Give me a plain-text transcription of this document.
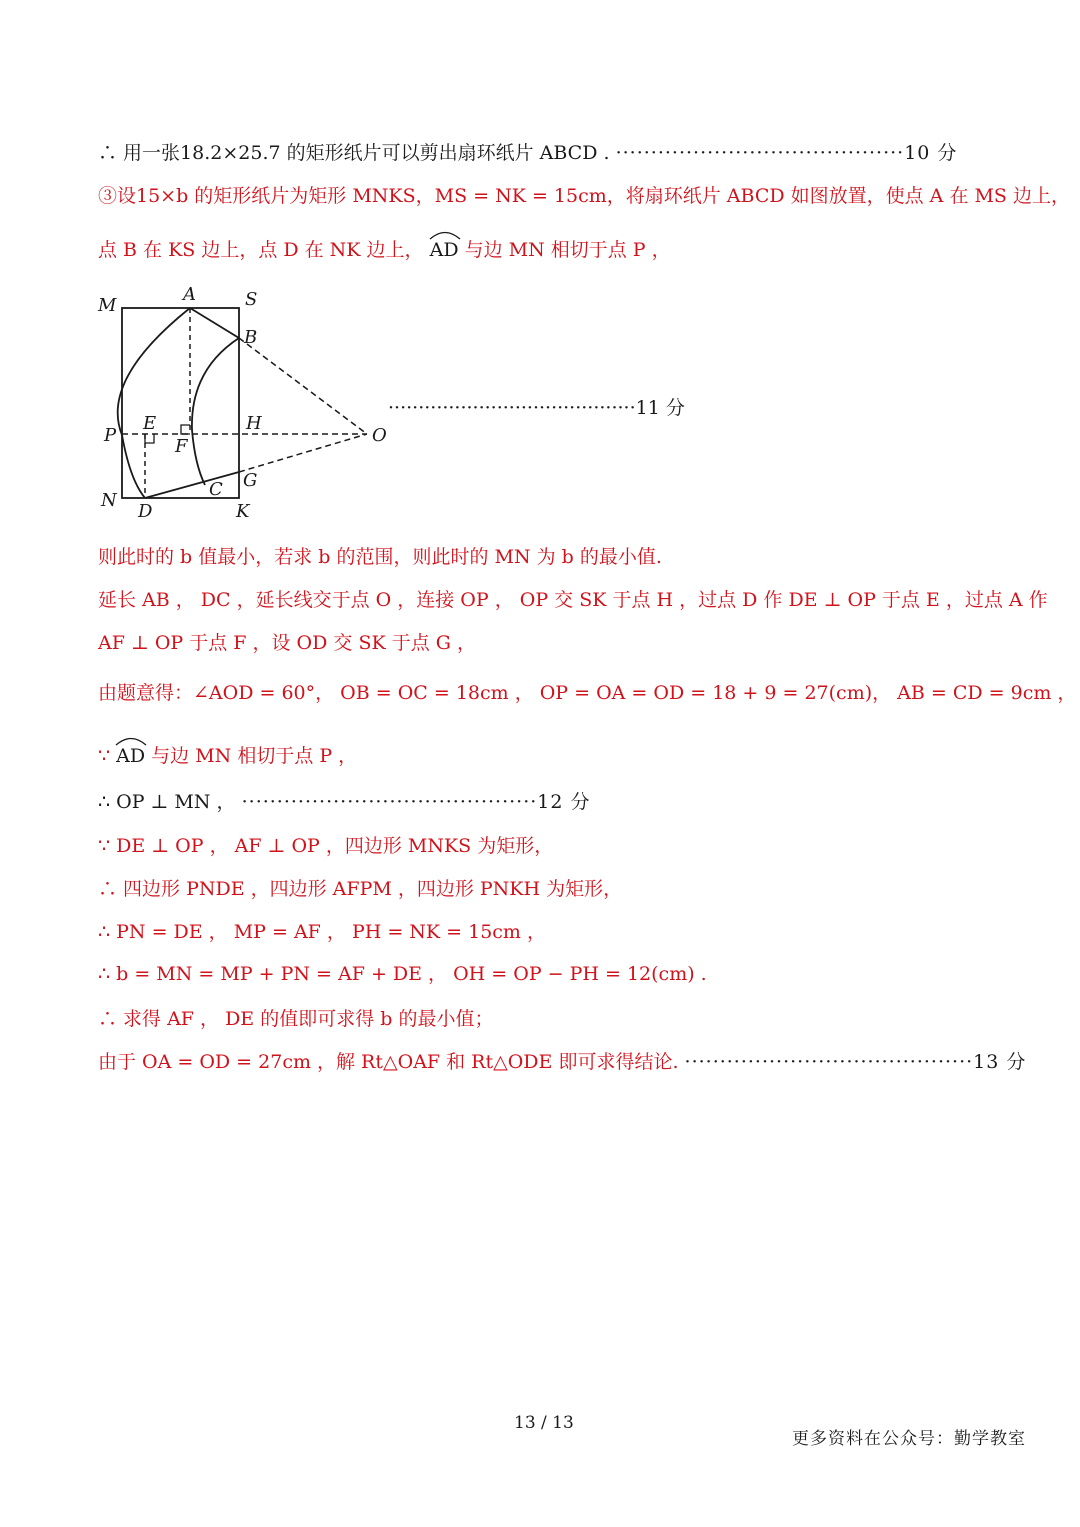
∴ 用一张18.2×25.7 的矩形纸片可以剪出扇环纸片 ABCD . ·········································10 分
③设15×b 的矩形纸片为矩形 MNKS，MS = NK = 15cm，将扇环纸片 ABCD 如图放置，使点 A 在 MS 边上，
点 B 在 KS 边上，点 D 在 NK 边上， AD 与边 MN 相切于点 P ，
M
A	S
B
P
E
F
H
O
N
D
C G
K
·········································11 分
则此时的 b 值最小，若求 b 的范围，则此时的 MN 为 b 的最小值.
延长 AB ， DC ，延长线交于点 O ，连接 OP ， OP 交 SK 于点 H ，过点 D 作 DE ⊥ OP 于点 E ，过点 A 作
AF ⊥ OP 于点 F ，设 OD 交 SK 于点 G ，
由题意得：∠AOD = 60°， OB = OC = 18cm ， OP = OA = OD = 18 + 9 = 27(cm)， AB = CD = 9cm ，
∵
AD 与边 MN 相切于点 P ，
∴ OP ⊥ MN ， ··········································12 分
∵ DE ⊥ OP ， AF ⊥ OP ，四边形 MNKS 为矩形，
∴ 四边形 PNDE ，四边形 AFPM ，四边形 PNKH 为矩形，
∴ PN = DE ， MP = AF ， PH = NK = 15cm ，
∴ b = MN = MP + PN = AF + DE ， OH = OP − PH = 12(cm) .
∴ 求得 AF ， DE 的值即可求得 b 的最小值；
由于 OA = OD = 27cm ，解 Rt△OAF 和 Rt△ODE 即可求得结论. ·········································13 分
13 / 13
更多资料在公众号：勤学教室
